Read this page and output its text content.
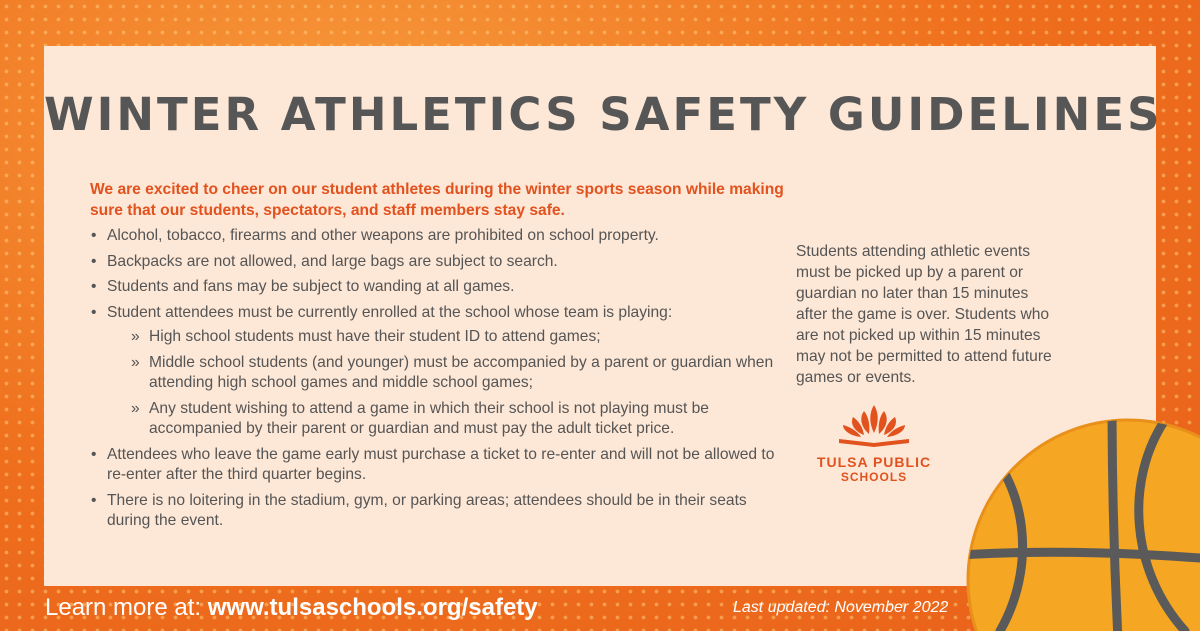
WINTER ATHLETICS SAFETY GUIDELINES

We are excited to cheer on our student athletes during the winter sports season while making sure that our students, spectators, and staff members stay safe.

• Alcohol, tobacco, firearms and other weapons are prohibited on school property.
• Backpacks are not allowed, and large bags are subject to search.
• Students and fans may be subject to wanding at all games.
• Student attendees must be currently enrolled at the school whose team is playing:
» High school students must have their student ID to attend games;
» Middle school students (and younger) must be accompanied by a parent or guardian when attending high school games and middle school games;
» Any student wishing to attend a game in which their school is not playing must be accompanied by their parent or guardian and must pay the adult ticket price.
• Attendees who leave the game early must purchase a ticket to re-enter and will not be allowed to re-enter after the third quarter begins.
• There is no loitering in the stadium, gym, or parking areas; attendees should be in their seats during the event.

Students attending athletic events must be picked up by a parent or guardian no later than 15 minutes after the game is over. Students who are not picked up within 15 minutes may not be permitted to attend future games or events.

TULSA PUBLIC
SCHOOLS
Learn more at: www.tulsaschools.org/safety	Last updated: November 2022
